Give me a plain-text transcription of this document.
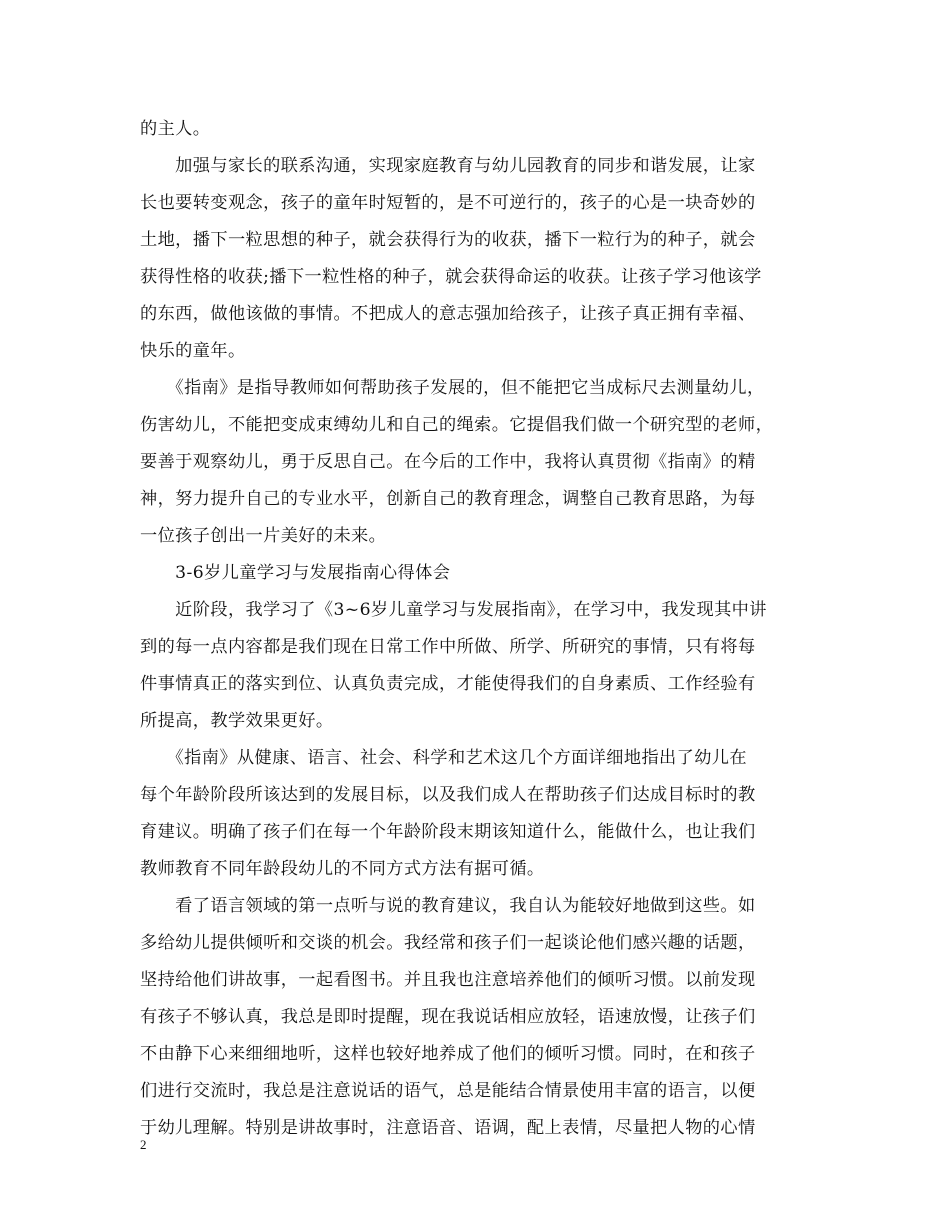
的主人。
　　加强与家长的联系沟通，实现家庭教育与幼儿园教育的同步和谐发展，让家
长也要转变观念，孩子的童年时短暂的，是不可逆行的，孩子的心是一块奇妙的
土地，播下一粒思想的种子，就会获得行为的收获，播下一粒行为的种子，就会
获得性格的收获;播下一粒性格的种子，就会获得命运的收获。让孩子学习他该学
的东西，做他该做的事情。不把成人的意志强加给孩子，让孩子真正拥有幸福、
快乐的童年。
　　《指南》是指导教师如何帮助孩子发展的，但不能把它当成标尺去测量幼儿，
伤害幼儿，不能把变成束缚幼儿和自己的绳索。它提倡我们做一个研究型的老师，
要善于观察幼儿，勇于反思自己。在今后的工作中，我将认真贯彻《指南》的精
神，努力提升自己的专业水平，创新自己的教育理念，调整自己教育思路，为每
一位孩子创出一片美好的未来。
　　3-6岁儿童学习与发展指南心得体会
　　近阶段，我学习了《3~6岁儿童学习与发展指南》，在学习中，我发现其中讲
到的每一点内容都是我们现在日常工作中所做、所学、所研究的事情，只有将每
件事情真正的落实到位、认真负责完成，才能使得我们的自身素质、工作经验有
所提高，教学效果更好。
　　《指南》从健康、语言、社会、科学和艺术这几个方面详细地指出了幼儿在
每个年龄阶段所该达到的发展目标，以及我们成人在帮助孩子们达成目标时的教
育建议。明确了孩子们在每一个年龄阶段末期该知道什么，能做什么，也让我们
教师教育不同年龄段幼儿的不同方式方法有据可循。
　　看了语言领域的第一点听与说的教育建议，我自认为能较好地做到这些。如
多给幼儿提供倾听和交谈的机会。我经常和孩子们一起谈论他们感兴趣的话题，
坚持给他们讲故事，一起看图书。并且我也注意培养他们的倾听习惯。以前发现
有孩子不够认真，我总是即时提醒，现在我说话相应放轻，语速放慢，让孩子们
不由静下心来细细地听，这样也较好地养成了他们的倾听习惯。同时，在和孩子
们进行交流时，我总是注意说话的语气，总是能结合情景使用丰富的语言，以便
于幼儿理解。特别是讲故事时，注意语音、语调，配上表情，尽量把人物的心情
2
